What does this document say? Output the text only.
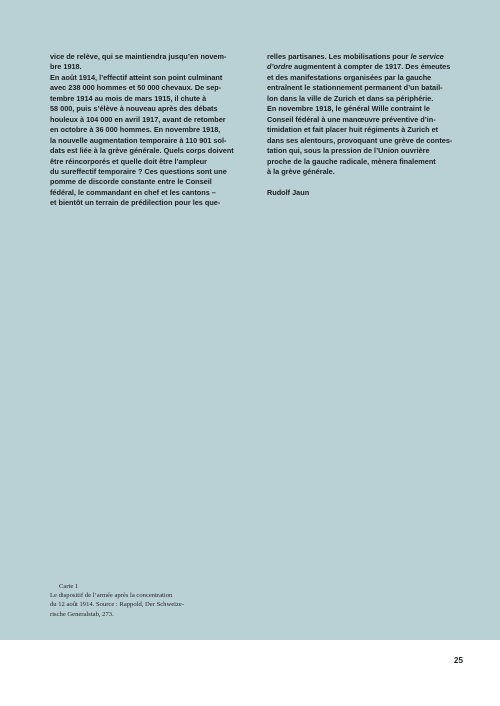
vice de relève, qui se maintiendra jusqu’en novem-
bre 1918.
En août 1914, l’effectif atteint son point culminant
avec 238 000 hommes et 50 000 chevaux. De sep-
tembre 1914 au mois de mars 1915, il chute à
58 000, puis s’élève à nouveau après des débats
houleux à 104 000 en avril 1917, avant de retomber
en octobre à 36 000 hommes. En novembre 1918,
la nouvelle augmentation temporaire à 110 901 sol-
dats est liée à la grève générale. Quels corps doivent
être réincorporés et quelle doit être l’ampleur
du sureffectif temporaire ? Ces questions sont une
pomme de discorde constante entre le Conseil
fédéral, le commandant en chef et les cantons –
et bientôt un terrain de prédilection pour les que-

relles partisanes. Les mobilisations pour le service
d’ordre augmentent à compter de 1917. Des émeutes
et des manifestations organisées par la gauche
entraînent le stationnement permanent d’un batail-
lon dans la ville de Zurich et dans sa périphérie.
En novembre 1918, le général Wille contraint le
Conseil fédéral à une manœuvre préventive d’in-
timidation et fait placer huit régiments à Zurich et
dans ses alentours, provoquant une grève de contes-
tation qui, sous la pression de l’Union ouvrière
proche de la gauche radicale, mènera finalement
à la grève générale.

Rudolf Jaun

Carte 1
Le dispositif de l’armée après la concentration
du 12 août 1914. Source : Rappold, Der Schweize-
rische Generalstab, 273.
25
